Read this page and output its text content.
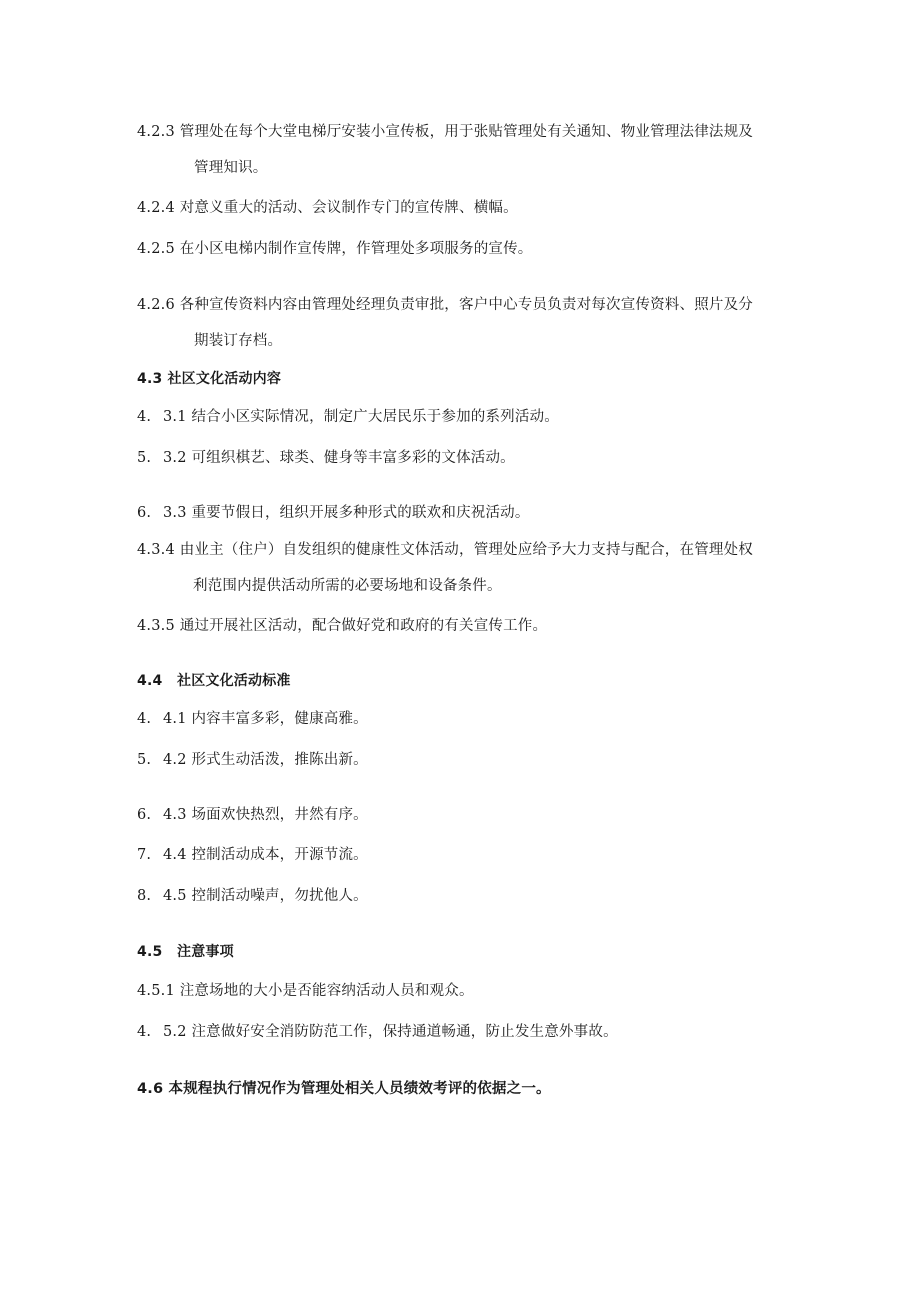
4.2.3 管理处在每个大堂电梯厅安装小宣传板，用于张贴管理处有关通知、物业管理法律法规及
管理知识。
4.2.4 对意义重大的活动、会议制作专门的宣传牌、横幅。
4.2.5 在小区电梯内制作宣传牌，作管理处多项服务的宣传。
4.2.6 各种宣传资料内容由管理处经理负责审批，客户中心专员负责对每次宣传资料、照片及分
期装订存档。
4.3 社区文化活动内容
4. 3.1 结合小区实际情况，制定广大居民乐于参加的系列活动。
5. 3.2 可组织棋艺、球类、健身等丰富多彩的文体活动。
6. 3.3 重要节假日，组织开展多种形式的联欢和庆祝活动。
4.3.4 由业主（住户）自发组织的健康性文体活动，管理处应给予大力支持与配合，在管理处权
利范围内提供活动所需的必要场地和设备条件。
4.3.5 通过开展社区活动，配合做好党和政府的有关宣传工作。
4.4 社区文化活动标准
4. 4.1 内容丰富多彩，健康高雅。
5. 4.2 形式生动活泼，推陈出新。
6. 4.3 场面欢快热烈，井然有序。
7. 4.4 控制活动成本，开源节流。
8. 4.5 控制活动噪声，勿扰他人。
4.5 注意事项
4.5.1 注意场地的大小是否能容纳活动人员和观众。
4. 5.2 注意做好安全消防防范工作，保持通道畅通，防止发生意外事故。
4.6 本规程执行情况作为管理处相关人员绩效考评的依据之一。
